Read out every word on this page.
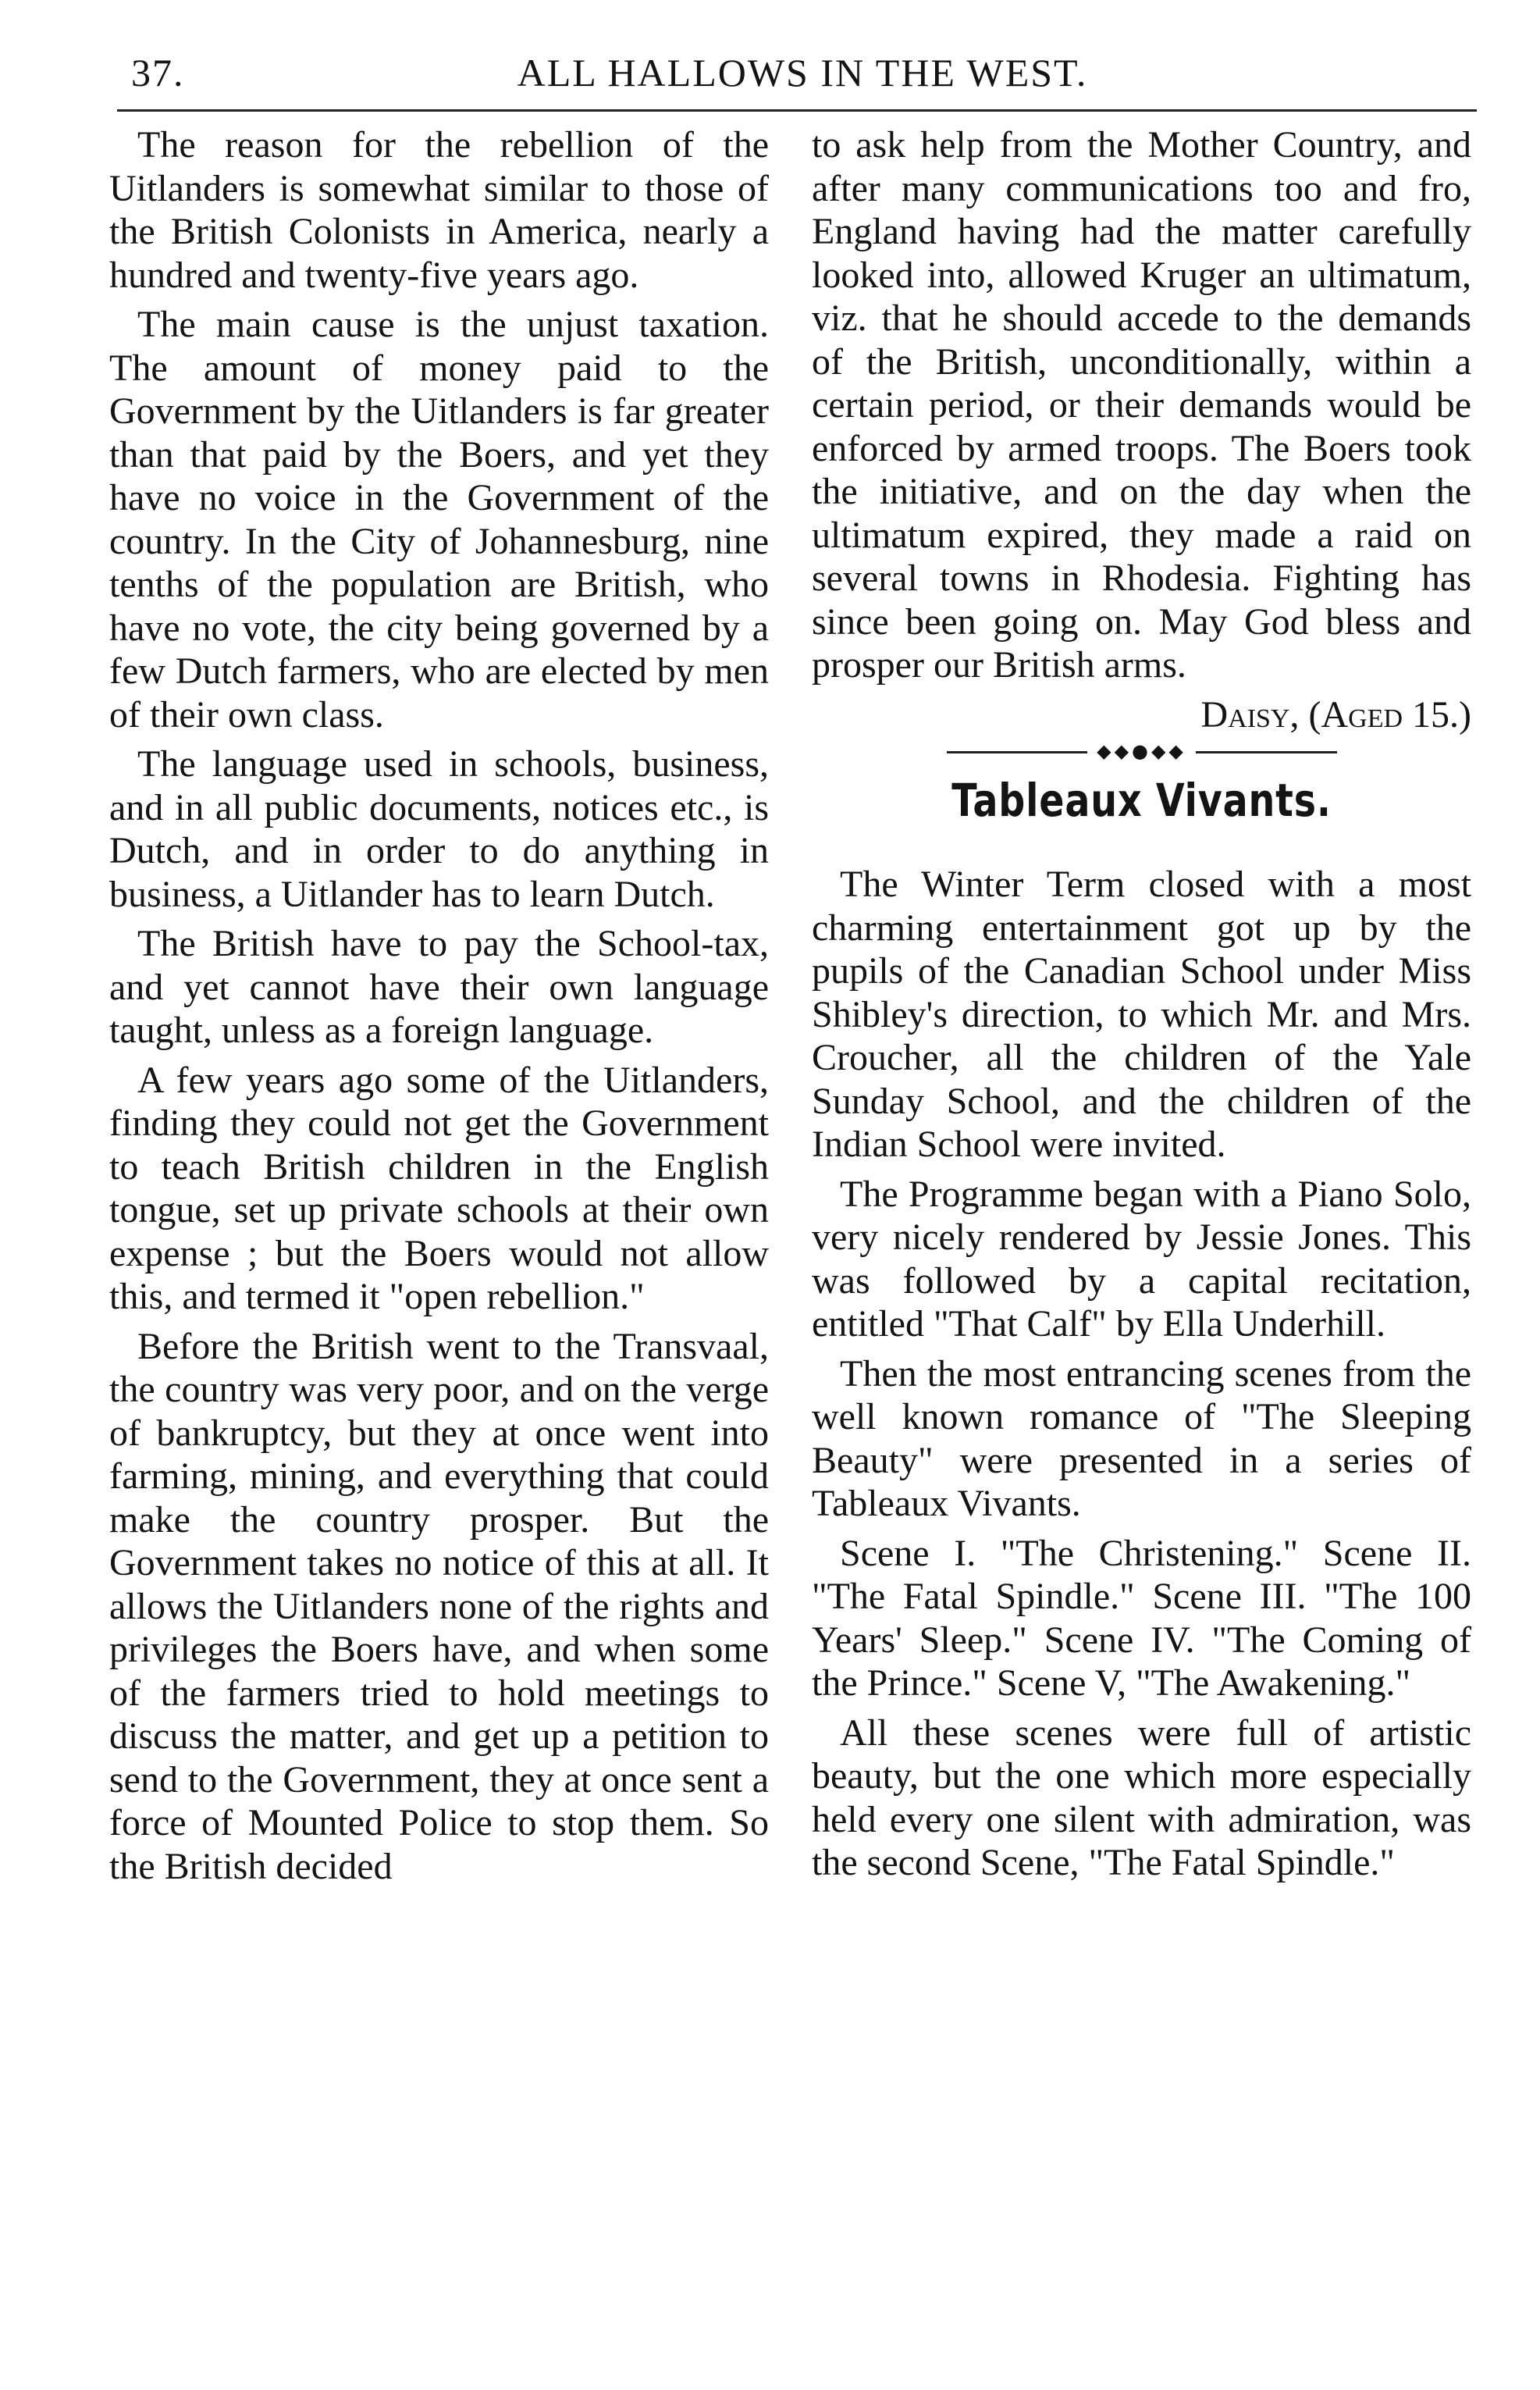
37.	ALL HALLOWS IN THE WEST.

The reason for the rebellion of the Uitlanders is somewhat similar to those of the British Colonists in America, nearly a hundred and twenty-five years ago.

The main cause is the unjust taxation. The amount of money paid to the Government by the Uitlanders is far greater than that paid by the Boers, and yet they have no voice in the Government of the country. In the City of Johannesburg, nine tenths of the population are British, who have no vote, the city being governed by a few Dutch farmers, who are elected by men of their own class.

The language used in schools, business, and in all public documents, notices etc., is Dutch, and in order to do anything in business, a Uitlander has to learn Dutch.

The British have to pay the School-tax, and yet cannot have their own language taught, unless as a foreign language.

A few years ago some of the Uitlanders, finding they could not get the Government to teach British children in the English tongue, set up private schools at their own expense ; but the Boers would not allow this, and termed it "open rebellion."

Before the British went to the Transvaal, the country was very poor, and on the verge of bankruptcy, but they at once went into farming, mining, and everything that could make the country prosper. But the Government takes no notice of this at all. It allows the Uitlanders none of the rights and privileges the Boers have, and when some of the farmers tried to hold meetings to discuss the matter, and get up a petition to send to the Government, they at once sent a force of Mounted Police to stop them. So the British decided

to ask help from the Mother Country, and after many communications too and fro, England having had the matter carefully looked into, allowed Kruger an ultimatum, viz. that he should accede to the demands of the British, unconditionally, within a certain period, or their demands would be enforced by armed troops. The Boers took the initiative, and on the day when the ultimatum expired, they made a raid on several towns in Rhodesia. Fighting has since been going on. May God bless and prosper our British arms.

Daisy, (Aged 15.)
◆◆●◆◆
Tableaux Vivants.

The Winter Term closed with a most charming entertainment got up by the pupils of the Canadian School under Miss Shibley's direction, to which Mr. and Mrs. Croucher, all the children of the Yale Sunday School, and the children of the Indian School were invited.

The Programme began with a Piano Solo, very nicely rendered by Jessie Jones. This was followed by a capital recitation, entitled "That Calf" by Ella Underhill.

Then the most entrancing scenes from the well known romance of "The Sleeping Beauty" were presented in a series of Tableaux Vivants.

Scene I. "The Christening." Scene II. "The Fatal Spindle." Scene III. "The 100 Years' Sleep." Scene IV. "The Coming of the Prince." Scene V, "The Awakening."

All these scenes were full of artistic beauty, but the one which more especially held every one silent with admiration, was the second Scene, "The Fatal Spindle."
